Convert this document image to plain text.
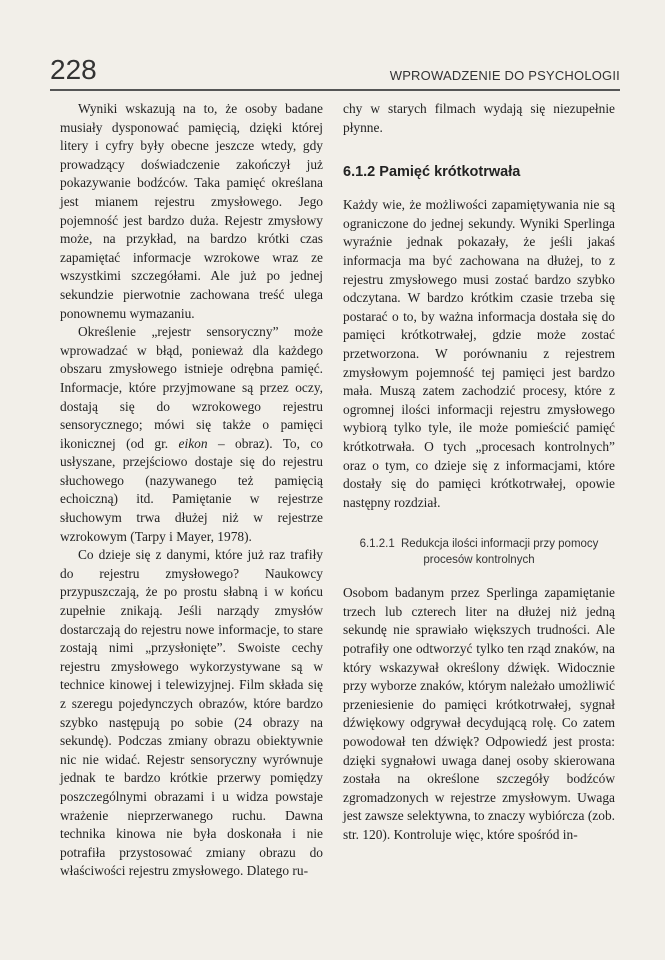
228	WPROWADZENIE DO PSYCHOLOGII

Wyniki wskazują na to, że osoby badane musiały dysponować pamięcią, dzięki której litery i cyfry były obecne jeszcze wtedy, gdy prowadzący doświadczenie zakończył już pokazywanie bodźców. Taka pamięć określana jest mianem rejestru zmysłowego. Jego pojemność jest bardzo duża. Rejestr zmysłowy może, na przykład, na bardzo krótki czas zapamiętać informacje wzrokowe wraz ze wszystkimi szczegółami. Ale już po jednej sekundzie pierwotnie zachowana treść ulega ponownemu wymazaniu.

Określenie „rejestr sensoryczny” może wprowadzać w błąd, ponieważ dla każdego obszaru zmysłowego istnieje odrębna pamięć. Informacje, które przyjmowane są przez oczy, dostają się do wzrokowego rejestru sensorycznego; mówi się także o pamięci ikonicznej (od gr. eikon – obraz). To, co usłyszane, przejściowo dostaje się do rejestru słuchowego (nazywanego też pamięcią echoiczną) itd. Pamiętanie w rejestrze słuchowym trwa dłużej niż w rejestrze wzrokowym (Tarpy i Mayer, 1978).

Co dzieje się z danymi, które już raz trafiły do rejestru zmysłowego? Naukowcy przypuszczają, że po prostu słabną i w końcu zupełnie znikają. Jeśli narządy zmysłów dostarczają do rejestru nowe informacje, to stare zostają nimi „przysłonięte”. Swoiste cechy rejestru zmysłowego wykorzystywane są w technice kinowej i telewizyjnej. Film składa się z szeregu pojedynczych obrazów, które bardzo szybko następują po sobie (24 obrazy na sekundę). Podczas zmiany obrazu obiektywnie nic nie widać. Rejestr sensoryczny wyrównuje jednak te bardzo krótkie przerwy pomiędzy poszczególnymi obrazami i u widza powstaje wrażenie nieprzerwanego ruchu. Dawna technika kinowa nie była doskonała i nie potrafiła przystosować zmiany obrazu do właściwości rejestru zmysłowego. Dlatego ru-

chy w starych filmach wydają się niezupełnie płynne.

6.1.2 Pamięć krótkotrwała

Każdy wie, że możliwości zapamiętywania nie są ograniczone do jednej sekundy. Wyniki Sperlinga wyraźnie jednak pokazały, że jeśli jakaś informacja ma być zachowana na dłużej, to z rejestru zmysłowego musi zostać bardzo szybko odczytana. W bardzo krótkim czasie trzeba się postarać o to, by ważna informacja dostała się do pamięci krótkotrwałej, gdzie może zostać przetworzona. W porównaniu z rejestrem zmysłowym pojemność tej pamięci jest bardzo mała. Muszą zatem zachodzić procesy, które z ogromnej ilości informacji rejestru zmysłowego wybiorą tylko tyle, ile może pomieścić pamięć krótkotrwała. O tych „procesach kontrolnych” oraz o tym, co dzieje się z informacjami, które dostały się do pamięci krótkotrwałej, opowie następny rozdział.

6.1.2.1 Redukcja ilości informacji przy pomocy procesów kontrolnych

Osobom badanym przez Sperlinga zapamiętanie trzech lub czterech liter na dłużej niż jedną sekundę nie sprawiało większych trudności. Ale potrafiły one odtworzyć tylko ten rząd znaków, na który wskazywał określony dźwięk. Widocznie przy wyborze znaków, którym należało umożliwić przeniesienie do pamięci krótkotrwałej, sygnał dźwiękowy odgrywał decydującą rolę. Co zatem powodował ten dźwięk? Odpowiedź jest prosta: dzięki sygnałowi uwaga danej osoby skierowana została na określone szczegóły bodźców zgromadzonych w rejestrze zmysłowym. Uwaga jest zawsze selektywna, to znaczy wybiórcza (zob. str. 120). Kontroluje więc, które spośród in-
